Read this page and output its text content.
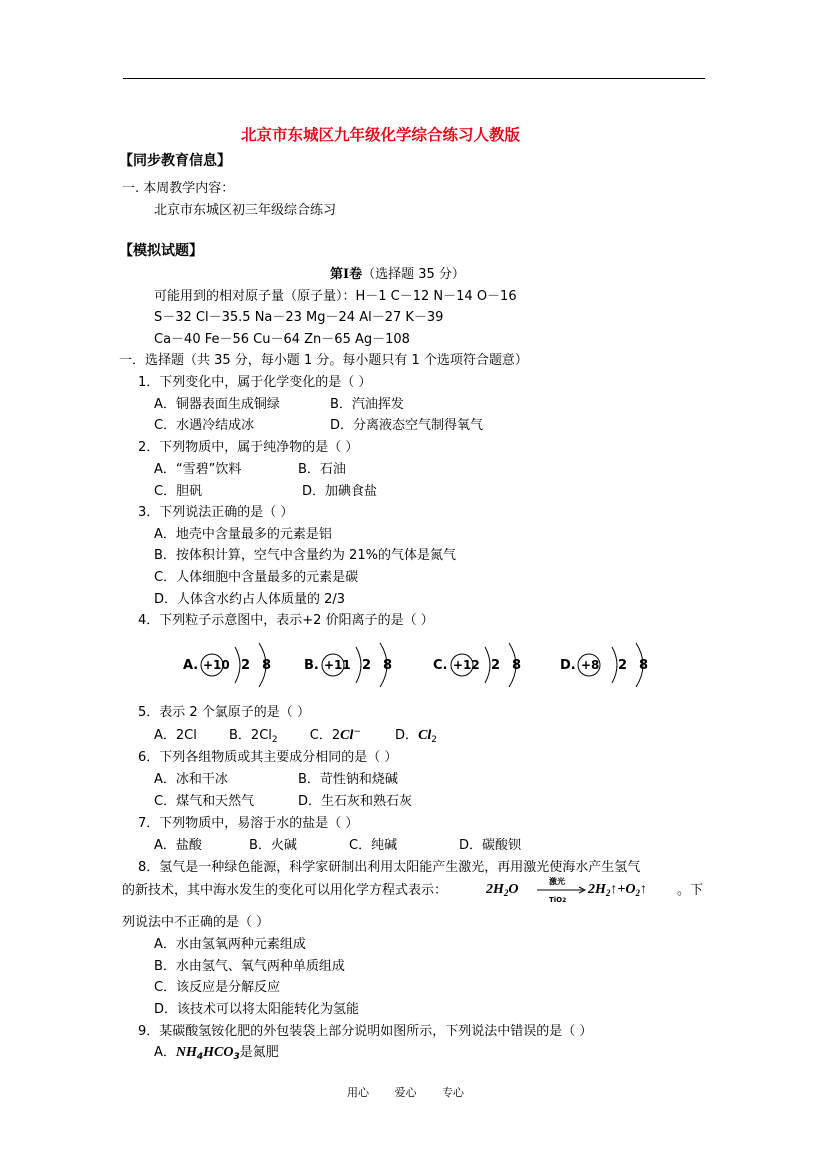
北京市东城区九年级化学综合练习人教版
【同步教育信息】
一. 本周教学内容：
北京市东城区初三年级综合练习
【模拟试题】
第Ⅰ卷（选择题 35 分）
可能用到的相对原子量（原子量）：H－1 C－12 N－14 O－16
S－32 Cl－35.5 Na－23 Mg－24 Al－27 K－39
Ca－40 Fe－56 Cu－64 Zn－65 Ag－108
一．选择题（共 35 分，每小题 1 分。每小题只有 1 个选项符合题意）
1．下列变化中，属于化学变化的是（ ）
A．铜器表面生成铜绿	B．汽油挥发
C．水遇冷结成冰	D．分离液态空气制得氧气
2．下列物质中，属于纯净物的是（ ）
A．“雪碧”饮料	B．石油
C．胆矾	D．加碘食盐
3．下列说法正确的是（ ）
A．地壳中含量最多的元素是铝
B．按体积计算，空气中含量约为 21%的气体是氮气
C．人体细胞中含量最多的元素是碳
D．人体含水约占人体质量的 2/3
4．下列粒子示意图中，表示+2 价阳离子的是（ ）
A. +10 2 8	B. +11 2 8	C. +12 2 8	D. +8 2 8
5．表示 2 个氯原子的是（ ）
A．2Cl B．$2Cl_2$ C．2Cl−	D．$Cl_2$
6．下列各组物质或其主要成分相同的是（ ）
A．冰和干冰	B．苛性钠和烧碱
C．煤气和天然气	D．生石灰和熟石灰
7．下列物质中，易溶于水的盐是（ ）
A．盐酸	B．火碱	C．纯碱	D．碳酸钡
8．氢气是一种绿色能源，科学家研制出利用太阳能产生激光，再用激光使海水产生氢气
的新技术，其中海水发生的变化可以用化学方程式表示：	$2H_2O$
激光
TiO2
$2H_2↑+O_2↑$ 。下
列说法中不正确的是（ ）
A．水由氢氧两种元素组成
B．水由氢气、氧气两种单质组成
C．该反应是分解反应
D．该技术可以将太阳能转化为氢能
9．某碳酸氢铵化肥的外包装袋上部分说明如图所示，下列说法中错误的是（ ）
A．$NH_4HCO_3$是氮肥
用心 爱心 专心
